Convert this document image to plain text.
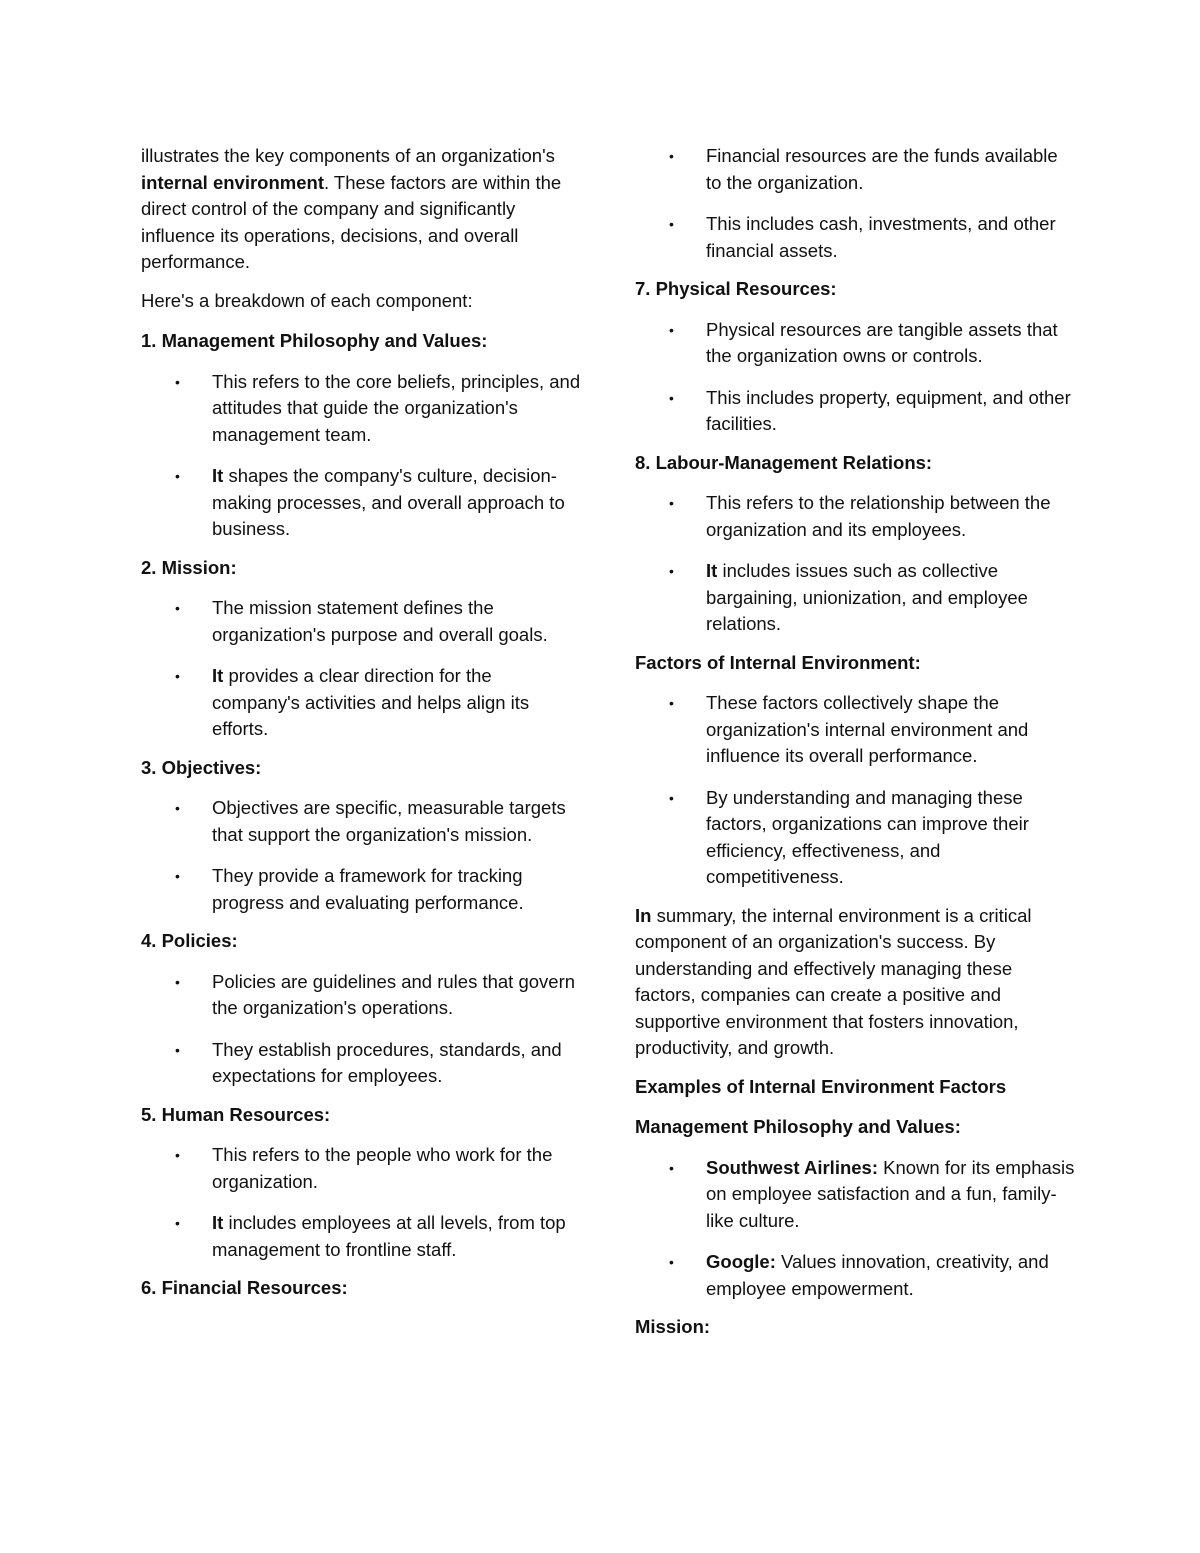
illustrates the key components of an organization's internal environment. These factors are within the direct control of the company and significantly influence its operations, decisions, and overall performance.

Here's a breakdown of each component:

1. Management Philosophy and Values:
• This refers to the core beliefs, principles, and attitudes that guide the organization's management team.
• It shapes the company's culture, decision-making processes, and overall approach to business.
2. Mission:
• The mission statement defines the organization's purpose and overall goals.
• It provides a clear direction for the company's activities and helps align its efforts.
3. Objectives:
• Objectives are specific, measurable targets that support the organization's mission.
• They provide a framework for tracking progress and evaluating performance.
4. Policies:
• Policies are guidelines and rules that govern the organization's operations.
• They establish procedures, standards, and expectations for employees.
5. Human Resources:
• This refers to the people who work for the organization.
• It includes employees at all levels, from top management to frontline staff.
6. Financial Resources:
• Financial resources are the funds available to the organization.
• This includes cash, investments, and other financial assets.
7. Physical Resources:
• Physical resources are tangible assets that the organization owns or controls.
• This includes property, equipment, and other facilities.
8. Labour-Management Relations:
• This refers to the relationship between the organization and its employees.
• It includes issues such as collective bargaining, unionization, and employee relations.
Factors of Internal Environment:
• These factors collectively shape the organization's internal environment and influence its overall performance.
• By understanding and managing these factors, organizations can improve their efficiency, effectiveness, and competitiveness.

In summary, the internal environment is a critical component of an organization's success. By understanding and effectively managing these factors, companies can create a positive and supportive environment that fosters innovation, productivity, and growth.

Examples of Internal Environment Factors
Management Philosophy and Values:
• Southwest Airlines: Known for its emphasis on employee satisfaction and a fun, family-like culture.
• Google: Values innovation, creativity, and employee empowerment.
Mission:
